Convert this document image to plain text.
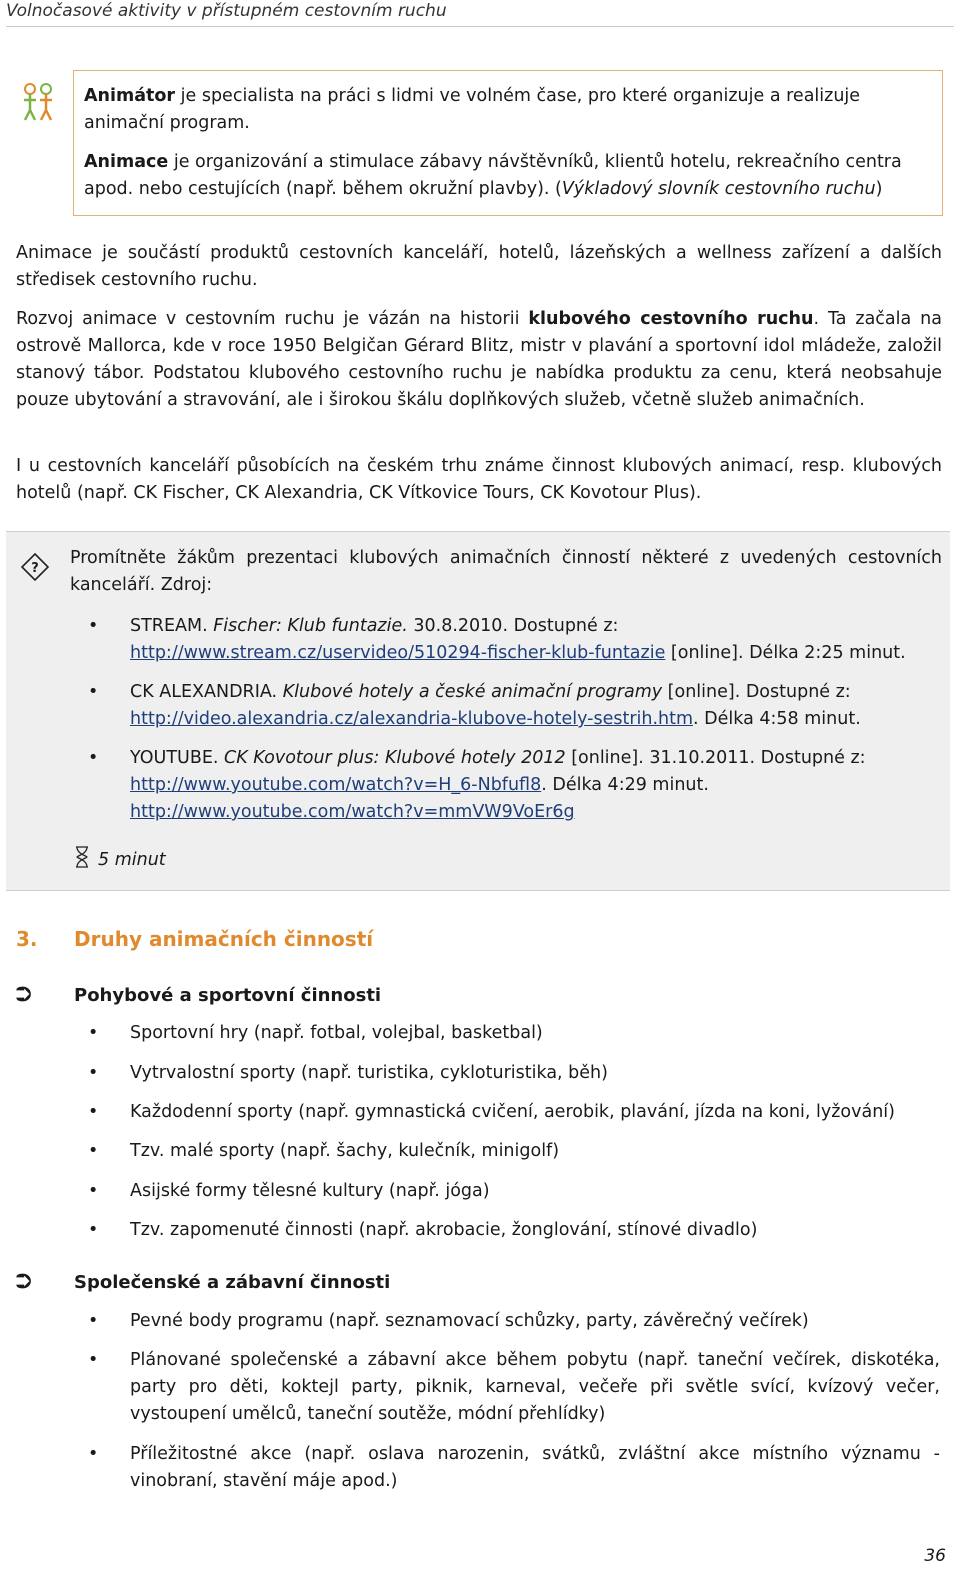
Volnočasové aktivity v přístupném cestovním ruchu

Animátor je specialista na práci s lidmi ve volném čase, pro které organizuje a realizuje animační program.

Animace je organizování a stimulace zábavy návštěvníků, klientů hotelu, rekreačního centra apod. nebo cestujících (např. během okružní plavby). (Výkladový slovník cestovního ruchu)

Animace je součástí produktů cestovních kanceláří, hotelů, lázeňských a wellness zařízení a dalších středisek cestovního ruchu.

Rozvoj animace v cestovním ruchu je vázán na historii klubového cestovního ruchu. Ta začala na ostrově Mallorca, kde v roce 1950 Belgičan Gérard Blitz, mistr v plavání a sportovní idol mládeže, založil stanový tábor. Podstatou klubového cestovního ruchu je nabídka produktu za cenu, která neobsahuje pouze ubytování a stravování, ale i širokou škálu doplňkových služeb, včetně služeb animačních.

I u cestovních kanceláří působících na českém trhu známe činnost klubových animací, resp. klubových hotelů (např. CK Fischer, CK Alexandria, CK Vítkovice Tours, CK Kovotour Plus).

?

Promítněte žákům prezentaci klubových animačních činností některé z uvedených cestovních kanceláří. Zdroj:

• STREAM. Fischer: Klub funtazie. 30.8.2010. Dostupné z:
http://www.stream.cz/uservideo/510294-fischer-klub-funtazie [online]. Délka 2:25 minut.
• CK ALEXANDRIA. Klubové hotely a české animační programy [online]. Dostupné z:
http://video.alexandria.cz/alexandria-klubove-hotely-sestrih.htm. Délka 4:58 minut.
• YOUTUBE. CK Kovotour plus: Klubové hotely 2012 [online]. 31.10.2011. Dostupné z:
http://www.youtube.com/watch?v=H_6-Nbfufl8. Délka 4:29 minut.
http://www.youtube.com/watch?v=mmVW9VoEr6g
5 minut
3. Druhy animačních činností
⮊ Pohybové a sportovní činnosti
• Sportovní hry (např. fotbal, volejbal, basketbal)
• Vytrvalostní sporty (např. turistika, cykloturistika, běh)
• Každodenní sporty (např. gymnastická cvičení, aerobik, plavání, jízda na koni, lyžování)
• Tzv. malé sporty (např. šachy, kulečník, minigolf)
• Asijské formy tělesné kultury (např. jóga)
• Tzv. zapomenuté činnosti (např. akrobacie, žonglování, stínové divadlo)
⮊ Společenské a zábavní činnosti
• Pevné body programu (např. seznamovací schůzky, party, závěrečný večírek)
• Plánované společenské a zábavní akce během pobytu (např. taneční večírek, diskotéka, party pro děti, koktejl party, piknik, karneval, večeře při světle svící, kvízový večer, vystoupení umělců, taneční soutěže, módní přehlídky)
• Příležitostné akce (např. oslava narozenin, svátků, zvláštní akce místního významu - vinobraní, stavění máje apod.)
36
